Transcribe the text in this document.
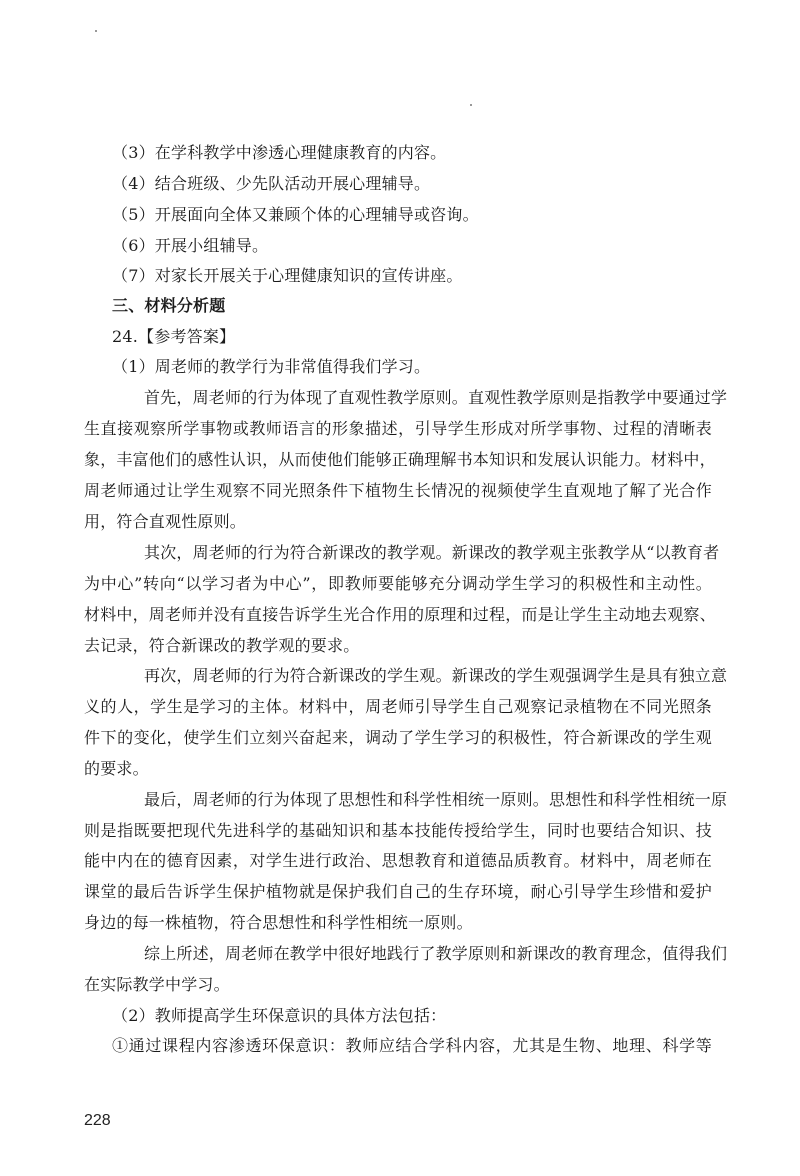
（3）在学科教学中渗透心理健康教育的内容。
（4）结合班级、少先队活动开展心理辅导。
（5）开展面向全体又兼顾个体的心理辅导或咨询。
（6）开展小组辅导。
（7）对家长开展关于心理健康知识的宣传讲座。
三、材料分析题
24.【参考答案】
（1）周老师的教学行为非常值得我们学习。
首先，周老师的行为体现了直观性教学原则。直观性教学原则是指教学中要通过学
生直接观察所学事物或教师语言的形象描述，引导学生形成对所学事物、过程的清晰表
象，丰富他们的感性认识，从而使他们能够正确理解书本知识和发展认识能力。材料中，
周老师通过让学生观察不同光照条件下植物生长情况的视频使学生直观地了解了光合作
用，符合直观性原则。
其次，周老师的行为符合新课改的教学观。新课改的教学观主张教学从“以教育者
为中心”转向“以学习者为中心”，即教师要能够充分调动学生学习的积极性和主动性。
材料中，周老师并没有直接告诉学生光合作用的原理和过程，而是让学生主动地去观察、
去记录，符合新课改的教学观的要求。
再次，周老师的行为符合新课改的学生观。新课改的学生观强调学生是具有独立意
义的人，学生是学习的主体。材料中，周老师引导学生自己观察记录植物在不同光照条
件下的变化，使学生们立刻兴奋起来，调动了学生学习的积极性，符合新课改的学生观
的要求。
最后，周老师的行为体现了思想性和科学性相统一原则。思想性和科学性相统一原
则是指既要把现代先进科学的基础知识和基本技能传授给学生，同时也要结合知识、技
能中内在的德育因素，对学生进行政治、思想教育和道德品质教育。材料中，周老师在
课堂的最后告诉学生保护植物就是保护我们自己的生存环境，耐心引导学生珍惜和爱护
身边的每一株植物，符合思想性和科学性相统一原则。
综上所述，周老师在教学中很好地践行了教学原则和新课改的教育理念，值得我们
在实际教学中学习。
（2）教师提高学生环保意识的具体方法包括：
①通过课程内容渗透环保意识：教师应结合学科内容，尤其是生物、地理、科学等
228
